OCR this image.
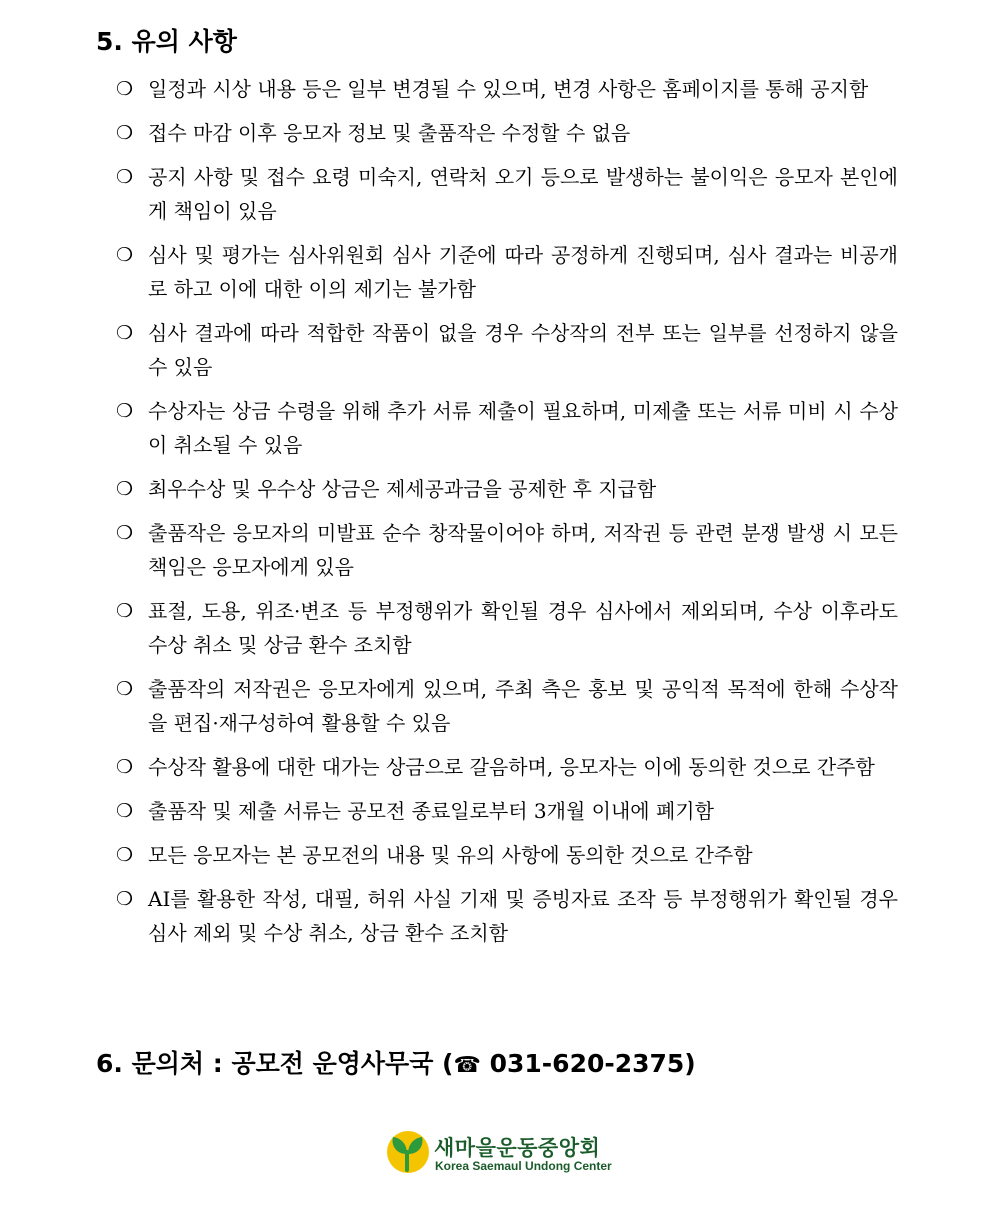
5. 유의 사항
❍ 일정과 시상 내용 등은 일부 변경될 수 있으며, 변경 사항은 홈페이지를 통해 공지함
❍ 접수 마감 이후 응모자 정보 및 출품작은 수정할 수 없음
❍ 공지 사항 및 접수 요령 미숙지, 연락처 오기 등으로 발생하는 불이익은 응모자 본인에게 책임이 있음
❍ 심사 및 평가는 심사위원회 심사 기준에 따라 공정하게 진행되며, 심사 결과는 비공개로 하고 이에 대한 이의 제기는 불가함
❍ 심사 결과에 따라 적합한 작품이 없을 경우 수상작의 전부 또는 일부를 선정하지 않을 수 있음
❍ 수상자는 상금 수령을 위해 추가 서류 제출이 필요하며, 미제출 또는 서류 미비 시 수상이 취소될 수 있음
❍ 최우수상 및 우수상 상금은 제세공과금을 공제한 후 지급함
❍ 출품작은 응모자의 미발표 순수 창작물이어야 하며, 저작권 등 관련 분쟁 발생 시 모든 책임은 응모자에게 있음
❍ 표절, 도용, 위조·변조 등 부정행위가 확인될 경우 심사에서 제외되며, 수상 이후라도 수상 취소 및 상금 환수 조치함
❍ 출품작의 저작권은 응모자에게 있으며, 주최 측은 홍보 및 공익적 목적에 한해 수상작을 편집·재구성하여 활용할 수 있음
❍ 수상작 활용에 대한 대가는 상금으로 갈음하며, 응모자는 이에 동의한 것으로 간주함
❍ 출품작 및 제출 서류는 공모전 종료일로부터 3개월 이내에 폐기함
❍ 모든 응모자는 본 공모전의 내용 및 유의 사항에 동의한 것으로 간주함
❍ AI를 활용한 작성, 대필, 허위 사실 기재 및 증빙자료 조작 등 부정행위가 확인될 경우 심사 제외 및 수상 취소, 상금 환수 조치함
6. 문의처 : 공모전 운영사무국 (☎ 031-620-2375)
새마을운동중앙회
Korea Saemaul Undong Center
